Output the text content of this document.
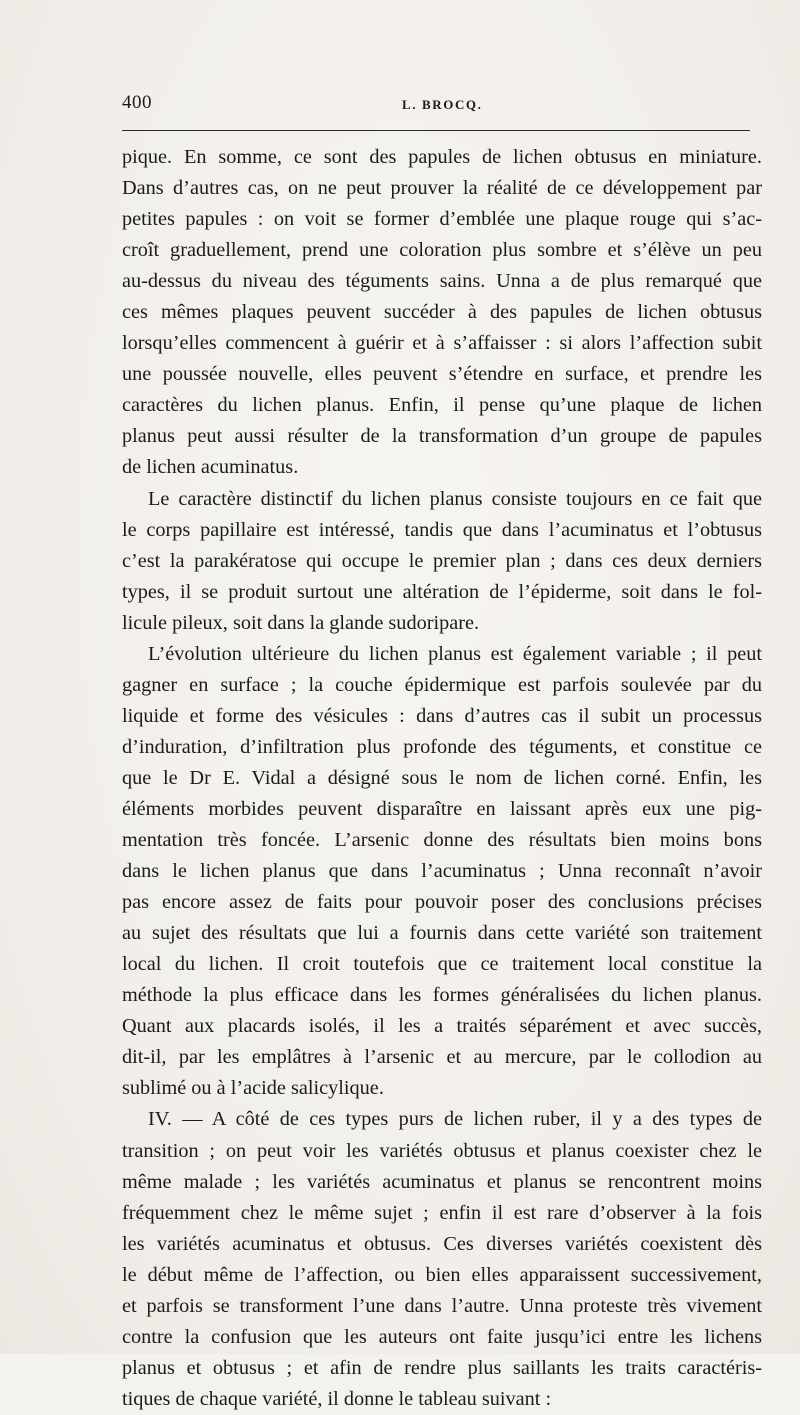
400	L. BROCQ.
pique. En somme, ce sont des papules de lichen obtusus en miniature.
Dans d’autres cas, on ne peut prouver la réalité de ce développement par
petites papules : on voit se former d’emblée une plaque rouge qui s’ac-
croît graduellement, prend une coloration plus sombre et s’élève un peu
au-dessus du niveau des téguments sains. Unna a de plus remarqué que
ces mêmes plaques peuvent succéder à des papules de lichen obtusus
lorsqu’elles commencent à guérir et à s’affaisser : si alors l’affection subit
une poussée nouvelle, elles peuvent s’étendre en surface, et prendre les
caractères du lichen planus. Enfin, il pense qu’une plaque de lichen
planus peut aussi résulter de la transformation d’un groupe de papules
de lichen acuminatus.
Le caractère distinctif du lichen planus consiste toujours en ce fait que
le corps papillaire est intéressé, tandis que dans l’acuminatus et l’obtusus
c’est la parakératose qui occupe le premier plan ; dans ces deux derniers
types, il se produit surtout une altération de l’épiderme, soit dans le fol-
licule pileux, soit dans la glande sudoripare.
L’évolution ultérieure du lichen planus est également variable ; il peut
gagner en surface ; la couche épidermique est parfois soulevée par du
liquide et forme des vésicules : dans d’autres cas il subit un processus
d’induration, d’infiltration plus profonde des téguments, et constitue ce
que le Dr E. Vidal a désigné sous le nom de lichen corné. Enfin, les
éléments morbides peuvent disparaître en laissant après eux une pig-
mentation très foncée. L’arsenic donne des résultats bien moins bons
dans le lichen planus que dans l’acuminatus ; Unna reconnaît n’avoir
pas encore assez de faits pour pouvoir poser des conclusions précises
au sujet des résultats que lui a fournis dans cette variété son traitement
local du lichen. Il croit toutefois que ce traitement local constitue la
méthode la plus efficace dans les formes généralisées du lichen planus.
Quant aux placards isolés, il les a traités séparément et avec succès,
dit-il, par les emplâtres à l’arsenic et au mercure, par le collodion au
sublimé ou à l’acide salicylique.
IV. — A côté de ces types purs de lichen ruber, il y a des types de
transition ; on peut voir les variétés obtusus et planus coexister chez le
même malade ; les variétés acuminatus et planus se rencontrent moins
fréquemment chez le même sujet ; enfin il est rare d’observer à la fois
les variétés acuminatus et obtusus. Ces diverses variétés coexistent dès
le début même de l’affection, ou bien elles apparaissent successivement,
et parfois se transforment l’une dans l’autre. Unna proteste très vivement
contre la confusion que les auteurs ont faite jusqu’ici entre les lichens
planus et obtusus ; et afin de rendre plus saillants les traits caractéris-
tiques de chaque variété, il donne le tableau suivant :
